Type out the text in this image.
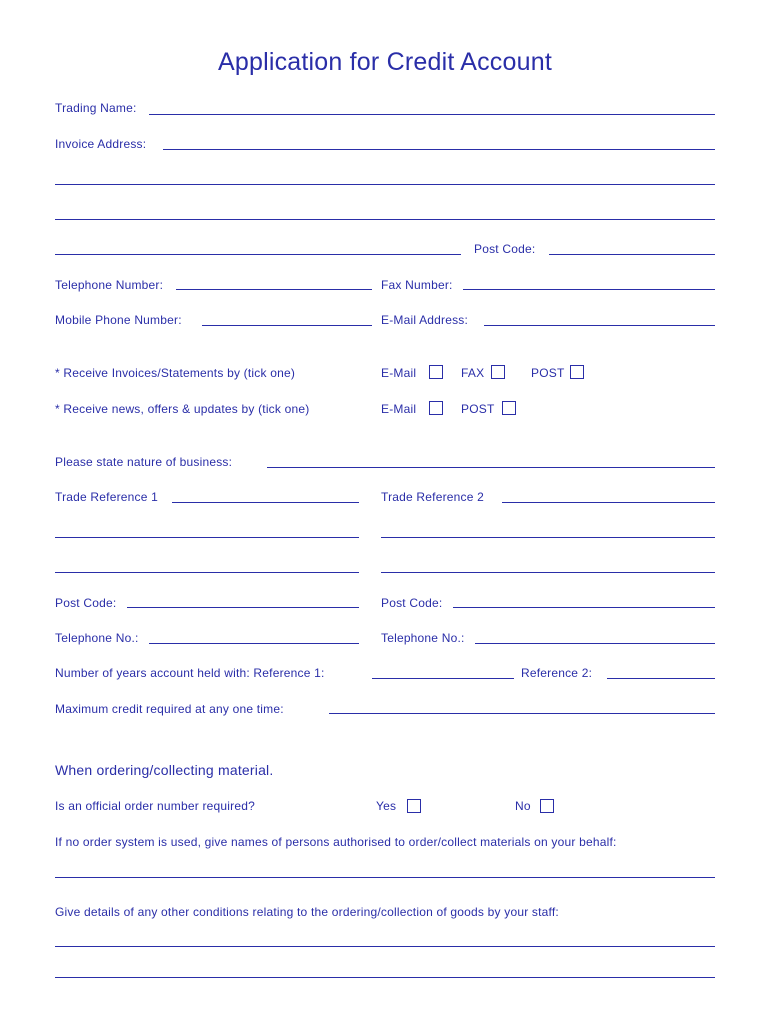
Application for Credit Account
Trading Name:
Invoice Address:
Post Code:
Telephone Number:	Fax Number:
Mobile Phone Number:	E-Mail Address:
* Receive Invoices/Statements by (tick one)	E-Mail	FAX	POST
* Receive news, offers & updates by (tick one)	E-Mail	POST
Please state nature of business:
Trade Reference 1	Trade Reference 2
Post Code:	Post Code:
Telephone No.:	Telephone No.:
Number of years account held with: Reference 1:	Reference 2:
Maximum credit required at any one time:
When ordering/collecting material.
Is an official order number required?	Yes	No
If no order system is used, give names of persons authorised to order/collect materials on your behalf:
Give details of any other conditions relating to the ordering/collection of goods by your staff:
